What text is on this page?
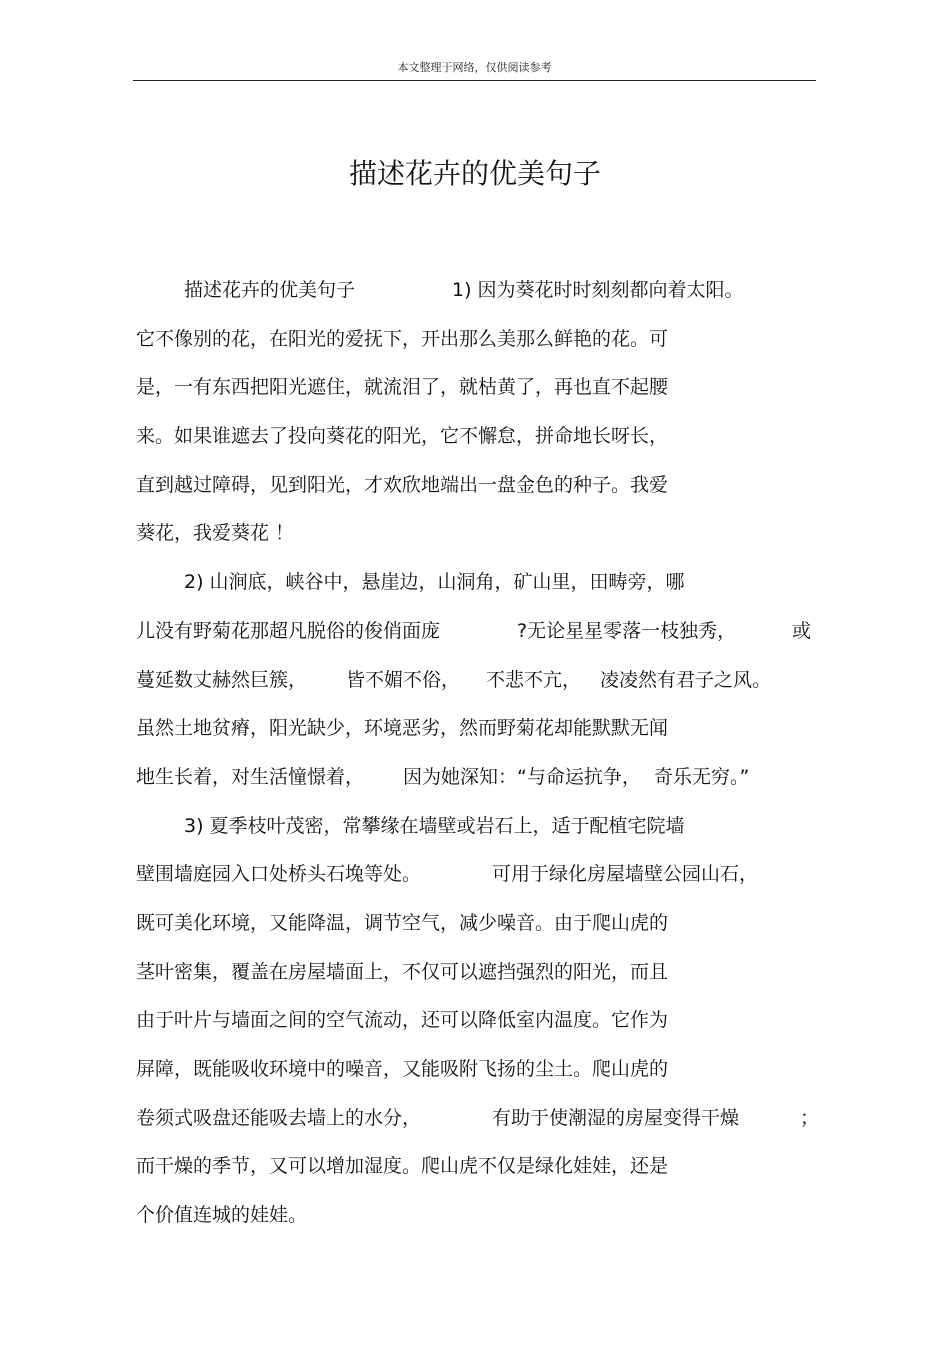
本文整理于网络，仅供阅读参考
描述花卉的优美句子
描述花卉的优美句子	1) 因为葵花时时刻刻都向着太阳。
它不像别的花，在阳光的爱抚下，开出那么美那么鲜艳的花。可
是，一有东西把阳光遮住，就流泪了，就枯黄了，再也直不起腰
来。如果谁遮去了投向葵花的阳光，它不懈怠，拼命地长呀长，
直到越过障碍，见到阳光，才欢欣地端出一盘金色的种子。我爱
葵花，我爱葵花 ！
2) 山涧底，峡谷中，悬崖边，山洞角，矿山里，田畴旁，哪
儿没有野菊花那超凡脱俗的俊俏面庞	?无论星星零落一枝独秀，	或
蔓延数丈赫然巨簇， 皆不媚不俗， 不悲不亢， 凌凌然有君子之风。
虽然土地贫瘠，阳光缺少，环境恶劣，然而野菊花却能默默无闻
地生长着，对生活憧憬着， 因为她深知：“与命运抗争， 奇乐无穷。”
3) 夏季枝叶茂密，常攀缘在墙壁或岩石上，适于配植宅院墙
壁围墙庭园入口处桥头石堍等处。	可用于绿化房屋墙壁公园山石，
既可美化环境，又能降温，调节空气，减少噪音。由于爬山虎的
茎叶密集，覆盖在房屋墙面上，不仅可以遮挡强烈的阳光，而且
由于叶片与墙面之间的空气流动，还可以降低室内温度。它作为
屏障，既能吸收环境中的噪音，又能吸附飞扬的尘土。爬山虎的
卷须式吸盘还能吸去墙上的水分，	有助于使潮湿的房屋变得干燥	；
而干燥的季节，又可以增加湿度。爬山虎不仅是绿化娃娃，还是
个价值连城的娃娃。
